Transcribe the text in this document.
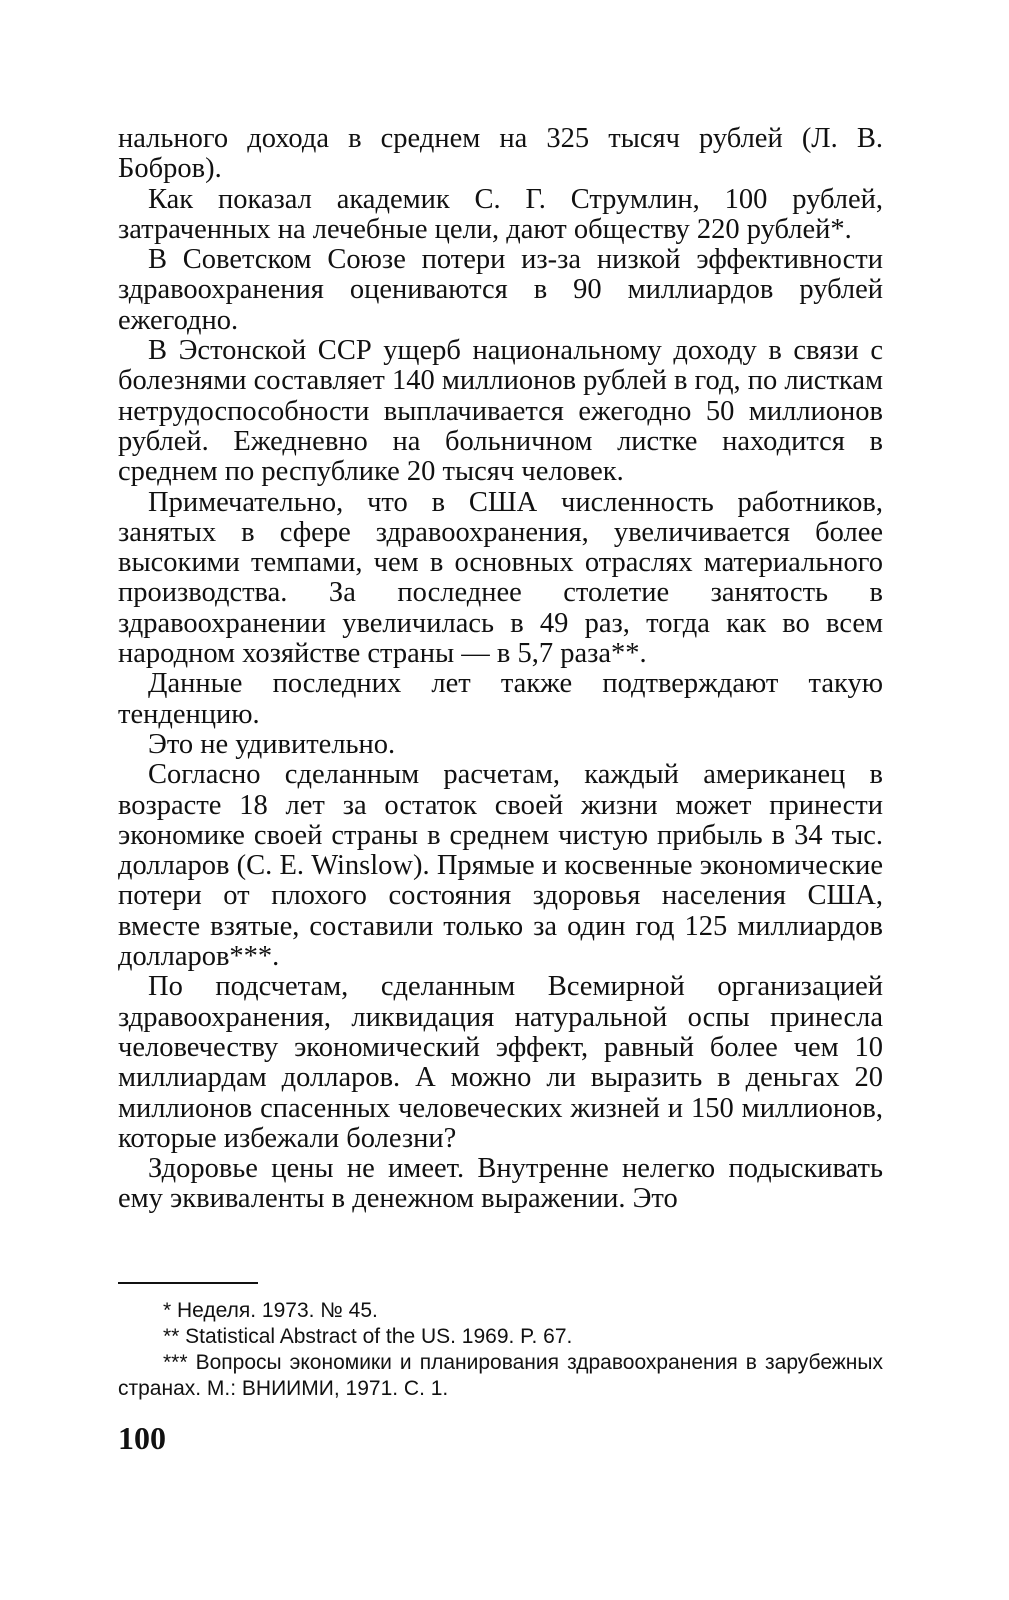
нального дохода в среднем на 325 тысяч рублей (Л. В. Бобров).

Как показал академик С. Г. Струмлин, 100 рублей, затраченных на лечебные цели, дают обществу 220 рублей*.

В Советском Союзе потери из-за низкой эффективности здравоохранения оцениваются в 90 миллиардов рублей ежегодно.

В Эстонской ССР ущерб национальному доходу в связи с болезнями составляет 140 миллионов рублей в год, по листкам нетрудоспособности выплачивается ежегодно 50 миллионов рублей. Ежедневно на больничном листке находится в среднем по республике 20 тысяч человек.

Примечательно, что в США численность работников, занятых в сфере здравоохранения, увеличивается более высокими темпами, чем в основных отраслях материального производства. За последнее столетие занятость в здравоохранении увеличилась в 49 раз, тогда как во всем народном хозяйстве страны — в 5,7 раза**.

Данные последних лет также подтверждают такую тенденцию.

Это не удивительно.

Согласно сделанным расчетам, каждый американец в возрасте 18 лет за остаток своей жизни может принести экономике своей страны в среднем чистую прибыль в 34 тыс. долларов (С. Е. Winslow). Прямые и косвенные экономические потери от плохого состояния здоровья населения США, вместе взятые, составили только за один год 125 миллиардов долларов***.

По подсчетам, сделанным Всемирной организацией здравоохранения, ликвидация натуральной оспы принесла человечеству экономический эффект, равный более чем 10 миллиардам долларов. А можно ли выразить в деньгах 20 миллионов спасенных человеческих жизней и 150 миллионов, которые избежали болезни?

Здоровье цены не имеет. Внутренне нелегко подыскивать ему эквиваленты в денежном выражении. Это

* Неделя. 1973. № 45.

** Statistical Abstract of the US. 1969. P. 67.

*** Вопросы экономики и планирования здравоохранения в зарубежных странах. М.: ВНИИМИ, 1971. С. 1.

100
